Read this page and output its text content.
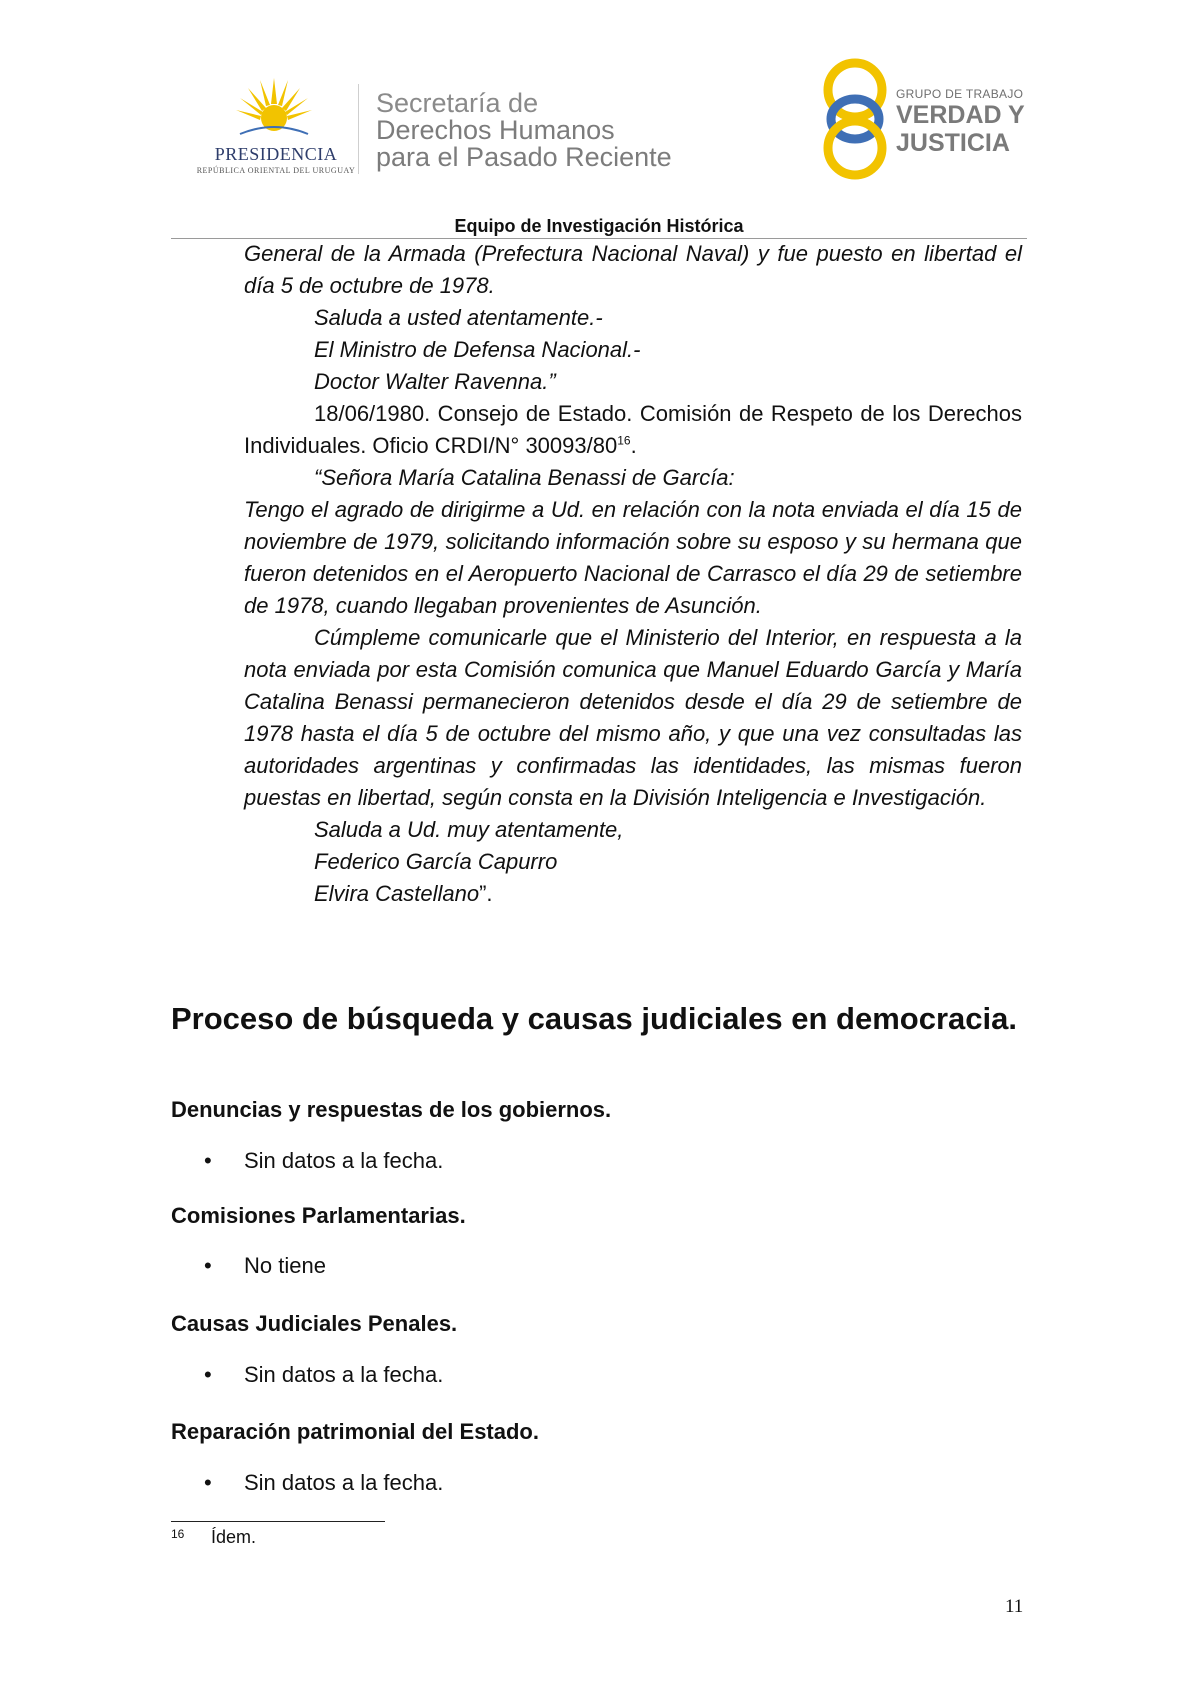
PRESIDENCIA
REPÚBLICA ORIENTAL DEL URUGUAY
Secretaría de
Derechos Humanos
para el Pasado Reciente
GRUPO DE TRABAJO
VERDAD Y
JUSTICIA
Equipo de Investigación Histórica

General de la Armada (Prefectura Nacional Naval) y fue puesto en libertad el día 5 de octubre de 1978.

Saluda a usted atentamente.-

El Ministro de Defensa Nacional.-

Doctor Walter Ravenna.”

18/06/1980. Consejo de Estado. Comisión de Respeto de los Derechos Individuales. Oficio CRDI/N° $30093/80^{16}$.

“Señora María Catalina Benassi de García:

Tengo el agrado de dirigirme a Ud. en relación con la nota enviada el día 15 de noviembre de 1979, solicitando información sobre su esposo y su hermana que fueron detenidos en el Aeropuerto Nacional de Carrasco el día 29 de setiembre de 1978, cuando llegaban provenientes de Asunción.

Cúmpleme comunicarle que el Ministerio del Interior, en respuesta a la nota enviada por esta Comisión comunica que Manuel Eduardo García y María Catalina Benassi permanecieron detenidos desde el día 29 de setiembre de 1978 hasta el día 5 de octubre del mismo año, y que una vez consultadas las autoridades argentinas y confirmadas las identidades, las mismas fueron puestas en libertad, según consta en la División Inteligencia e Investigación.

Saluda a Ud. muy atentamente,

Federico García Capurro

Elvira Castellano”.

Proceso de búsqueda y causas judiciales en democracia.
Denuncias y respuestas de los gobiernos.

• Sin datos a la fecha.

Comisiones Parlamentarias.

• No tiene

Causas Judiciales Penales.

• Sin datos a la fecha.

Reparación patrimonial del Estado.

• Sin datos a la fecha.

16 Ídem.
11
